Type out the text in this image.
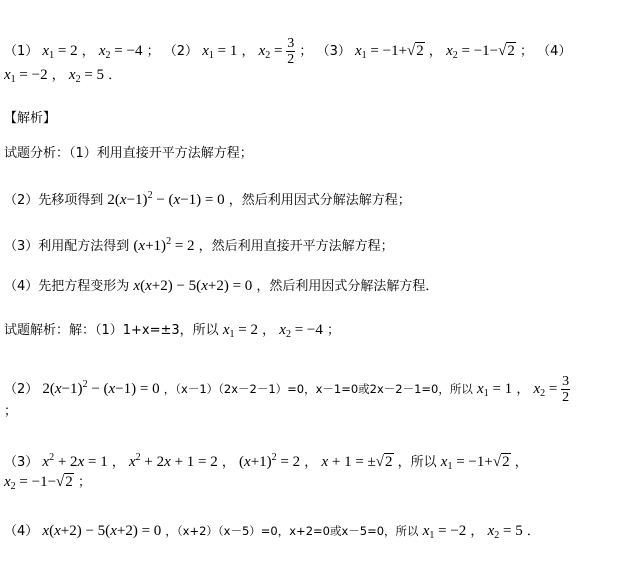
（1） $x_1 = 2$ ， $x_2 = -4$ ； （2） $x_1 = 1$ ， $x_2 = \frac{3}{2}$ ； （3） $x_1 = -1+√2$ ， $x_2 = -1-√2$ ； （4）
$x_1 = -2$ ， $x_2 = 5$ ．
【解析】
试题分析：（1）利用直接开平方法解方程；
（2）先移项得到 $2(x-1)^2 - (x-1) = 0$ ，然后利用因式分解法解方程；
（3）利用配方法得到 $(x+1)^2 = 2$ ，然后利用直接开平方法解方程；
（4）先把方程变形为 x(x+2) − 5(x+2) = 0 ，然后利用因式分解法解方程．
试题解析：解：（1）1+x=±3，所以 $x_1 = 2$ ， $x_2 = -4$ ；
（2） $2(x-1)^2 - (x-1) = 0$ ，（x－1）（2x－2－1）=0，x－1=0或2x－2－1=0，所以 $x_1 = 1$ ， $x_2 = \frac{3}{2}$
；
（3） $x^2 + 2x = 1$ ， $x^2 + 2x + 1 = 2$ ， $(x+1)^2 = 2$ ， x + 1 = ±√2 ，所以 $x_1 = -1+√2$ ，
$x_2 = -1-√2$ ；
（4） x(x+2) − 5(x+2) = 0 ，（x+2）（x－5）=0，x+2=0或x－5=0，所以 $x_1 = -2$ ， $x_2 = 5$ ．
